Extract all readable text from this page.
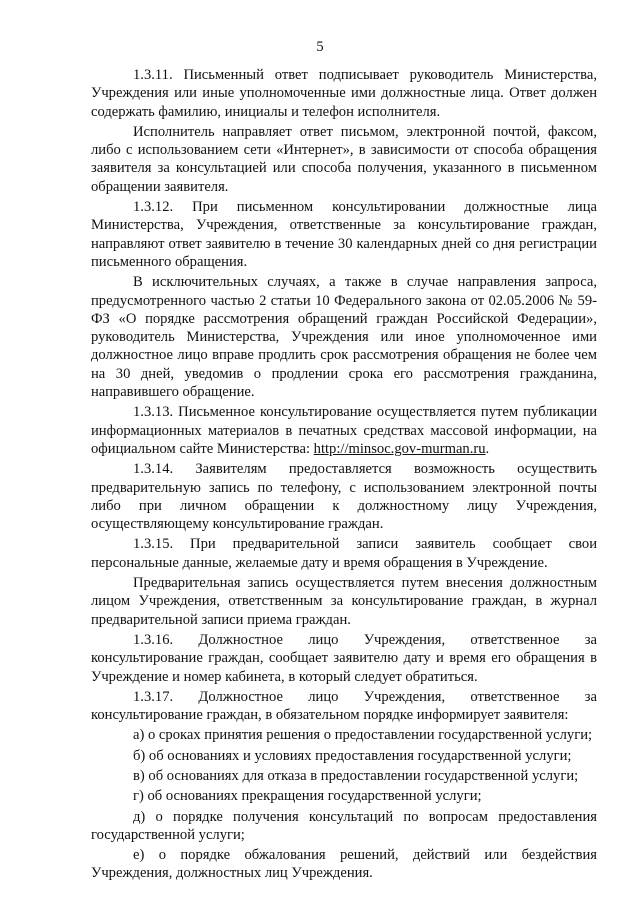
5

1.3.11. Письменный ответ подписывает руководитель Министерства, Учреждения или иные уполномоченные ими должностные лица. Ответ должен содержать фамилию, инициалы и телефон исполнителя.

Исполнитель направляет ответ письмом, электронной почтой, факсом, либо с использованием сети «Интернет», в зависимости от способа обращения заявителя за консультацией или способа получения, указанного в письменном обращении заявителя.

1.3.12. При письменном консультировании должностные лица Министерства, Учреждения, ответственные за консультирование граждан, направляют ответ заявителю в течение 30 календарных дней со дня регистрации письменного обращения.

В исключительных случаях, а также в случае направления запроса, предусмотренного частью 2 статьи 10 Федерального закона от 02.05.2006 № 59-ФЗ «О порядке рассмотрения обращений граждан Российской Федерации», руководитель Министерства, Учреждения или иное уполномоченное ими должностное лицо вправе продлить срок рассмотрения обращения не более чем на 30 дней, уведомив о продлении срока его рассмотрения гражданина, направившего обращение.

1.3.13. Письменное консультирование осуществляется путем публикации информационных материалов в печатных средствах массовой информации, на официальном сайте Министерства: http://minsoc.gov-murman.ru.

1.3.14. Заявителям предоставляется возможность осуществить предварительную запись по телефону, с использованием электронной почты либо при личном обращении к должностному лицу Учреждения, осуществляющему консультирование граждан.

1.3.15. При предварительной записи заявитель сообщает свои персональные данные, желаемые дату и время обращения в Учреждение.

Предварительная запись осуществляется путем внесения должностным лицом Учреждения, ответственным за консультирование граждан, в журнал предварительной записи приема граждан.

1.3.16. Должностное лицо Учреждения, ответственное за консультирование граждан, сообщает заявителю дату и время его обращения в Учреждение и номер кабинета, в который следует обратиться.

1.3.17. Должностное лицо Учреждения, ответственное за консультирование граждан, в обязательном порядке информирует заявителя:

а) о сроках принятия решения о предоставлении государственной услуги;

б) об основаниях и условиях предоставления государственной услуги;

в) об основаниях для отказа в предоставлении государственной услуги;

г) об основаниях прекращения государственной услуги;

д) о порядке получения консультаций по вопросам предоставления государственной услуги;

е) о порядке обжалования решений, действий или бездействия Учреждения, должностных лиц Учреждения.
